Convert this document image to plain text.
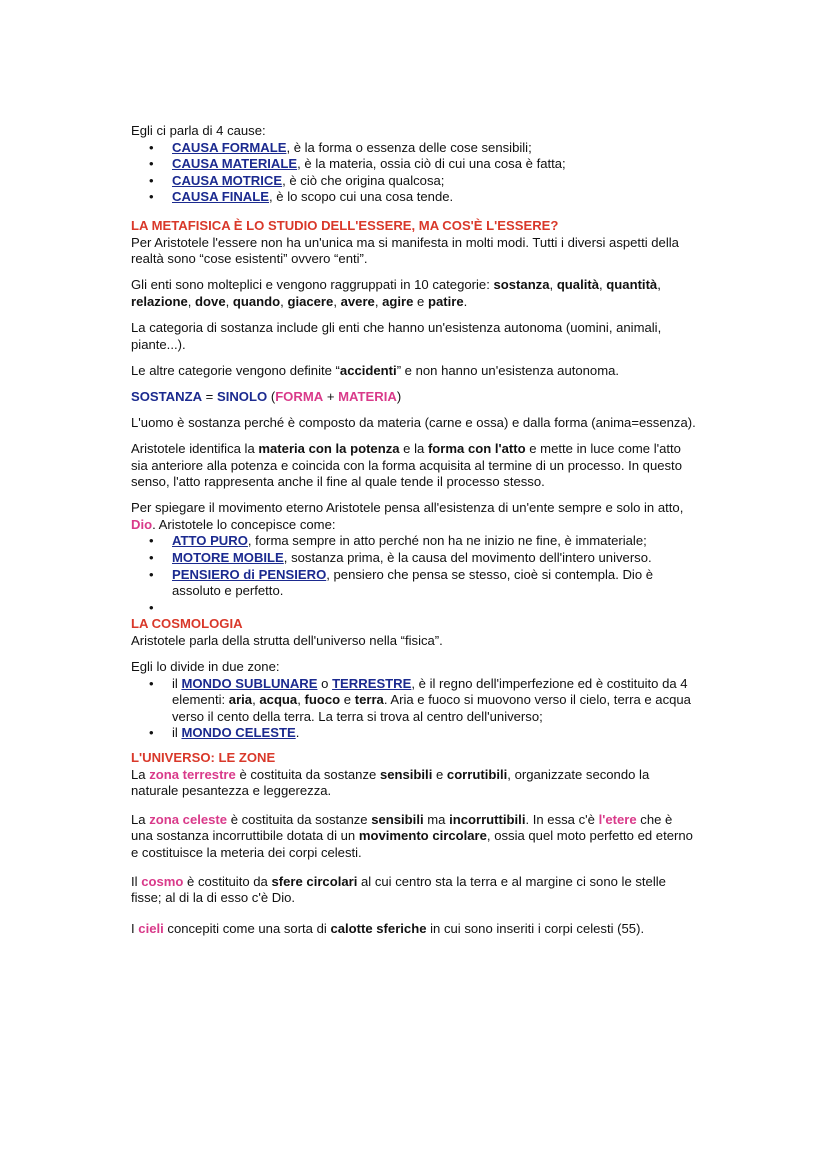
Egli ci parla di 4 cause:

• CAUSA FORMALE, è la forma o essenza delle cose sensibili;
• CAUSA MATERIALE, è la materia, ossia ciò di cui una cosa è fatta;
• CAUSA MOTRICE, è ciò che origina qualcosa;
• CAUSA FINALE, è lo scopo cui una cosa tende.

LA METAFISICA È LO STUDIO DELL'ESSERE, MA COS'È L'ESSERE?

Per Aristotele l'essere non ha un'unica ma si manifesta in molti modi. Tutti i diversi aspetti della realtà sono “cose esistenti” ovvero “enti”.

Gli enti sono molteplici e vengono raggruppati in 10 categorie: sostanza, qualità, quantità, relazione, dove, quando, giacere, avere, agire e patire.

La categoria di sostanza include gli enti che hanno un'esistenza autonoma (uomini, animali, piante...).

Le altre categorie vengono definite “accidenti” e non hanno un'esistenza autonoma.

SOSTANZA = SINOLO (FORMA + MATERIA)

L'uomo è sostanza perché è composto da materia (carne e ossa) e dalla forma (anima=essenza).

Aristotele identifica la materia con la potenza e la forma con l'atto e mette in luce come l'atto sia anteriore alla potenza e coincida con la forma acquisita al termine di un processo. In questo senso, l'atto rappresenta anche il fine al quale tende il processo stesso.

Per spiegare il movimento eterno Aristotele pensa all'esistenza di un'ente sempre e solo in atto, Dio. Aristotele lo concepisce come:

• ATTO PURO, forma sempre in atto perché non ha ne inizio ne fine, è immateriale;
• MOTORE MOBILE, sostanza prima, è la causa del movimento dell'intero universo.
• PENSIERO di PENSIERO, pensiero che pensa se stesso, cioè si contempla. Dio è assoluto e perfetto.
•

LA COSMOLOGIA

Aristotele parla della strutta dell'universo nella “fisica”.

Egli lo divide in due zone:

• il MONDO SUBLUNARE o TERRESTRE, è il regno dell'imperfezione ed è costituito da 4 elementi: aria, acqua, fuoco e terra. Aria e fuoco si muovono verso il cielo, terra e acqua verso il cento della terra. La terra si trova al centro dell'universo;
• il MONDO CELESTE.

L'UNIVERSO: LE ZONE

La zona terrestre è costituita da sostanze sensibili e corrutibili, organizzate secondo la naturale pesantezza e leggerezza.

La zona celeste è costituita da sostanze sensibili ma incorruttibili. In essa c'è l'etere che è una sostanza incorruttibile dotata di un movimento circolare, ossia quel moto perfetto ed eterno e costituisce la meteria dei corpi celesti.

Il cosmo è costituito da sfere circolari al cui centro sta la terra e al margine ci sono le stelle fisse; al di la di esso c'è Dio.

I cieli concepiti come una sorta di calotte sferiche in cui sono inseriti i corpi celesti (55).
